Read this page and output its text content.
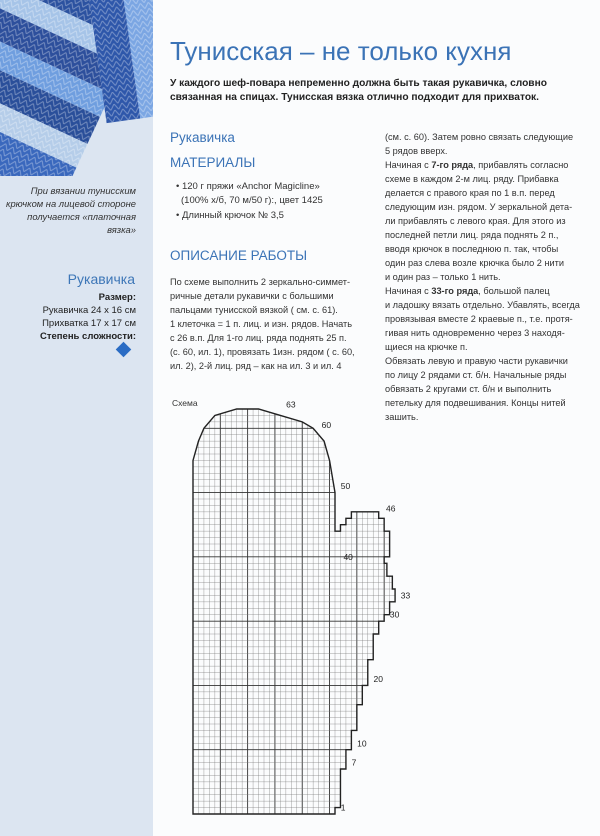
При вязании тунисским крючком на лицевой стороне получается «платочная вязка»
Рукавичка
Размер:
Рукавичка 24 х 16 см
Прихватка 17 х 17 см
Степень сложности:
Тунисская – не только кухня
У каждого шеф-повара непременно должна быть такая рукавичка, словно связанная на спицах. Тунисская вязка отлично подходит для прихваток.
Рукавичка
МАТЕРИАЛЫ
• 120 г пряжи «Anchor Magicline»
(100% х/б, 70 м/50 г):, цвет 1425
• Длинный крючок № 3,5
ОПИСАНИЕ РАБОТЫ
По схеме выполнить 2 зеркально-симмет-
ричные детали рукавички с большими
пальцами тунисской вязкой ( см. с. 61).
1 клеточка = 1 п. лиц. и изн. рядов. Начать
с 26 в.п. Для 1-го лиц. ряда поднять 25 п.
(с. 60, ил. 1), провязать 1изн. рядом ( с. 60,
ил. 2), 2-й лиц. ряд – как на ил. 3 и ил. 4
(см. с. 60). Затем ровно связать следующие
5 рядов вверх.
Начиная с 7-го ряда, прибавлять согласно
схеме в каждом 2-м лиц. ряду. Прибавка
делается с правого края по 1 в.п. перед
следующим изн. рядом. У зеркальной дета-
ли прибавлять с левого края. Для этого из
последней петли лиц. ряда поднять 2 п.,
вводя крючок в последнюю п. так, чтобы
один раз слева возле крючка было 2 нити
и один раз – только 1 нить.
Начиная с 33-го ряда, большой палец
и ладошку вязать отдельно. Убавлять, всегда
провязывая вместе 2 краевые п., т.е. протя-
гивая нить одновременно через 3 находя-
щиеся на крючке п.
Обвязать левую и правую части рукавички
по лицу 2 рядами ст. б/н. Начальные ряды
обвязать 2 кругами ст. б/н и выполнить
петельку для подвешивания. Концы нитей
зашить.
Схема
1
7
10
20
30
33
40
46
50
60
63
